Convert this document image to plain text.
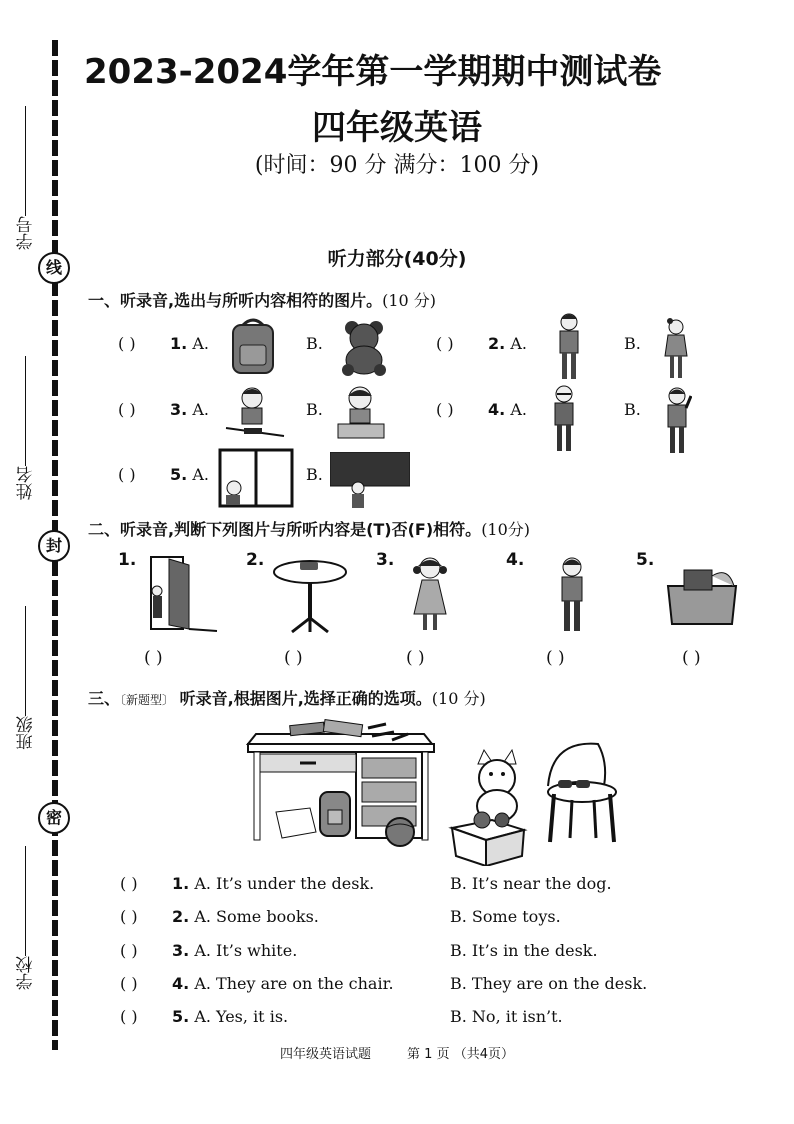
学号
线
姓名
封
班级
密
学校
2023-2024学年第一学期期中测试卷
四年级英语
(时间：90 分 满分：100 分)
听力部分(40分)
一、听录音,选出与所听内容相符的图片。(10 分)
( ) 1. A.	B.	( ) 2. A.	B.
( ) 3. A.	B.	( ) 4. A.	B.
( ) 5. A.	B.
二、听录音,判断下列图片与所听内容是(T)否(F)相符。(10分)
1.	2.	3.	4.	5.
( )	( )	( )	( )	( )
三、〔新题型〕 听录音,根据图片,选择正确的选项。(10 分)
( ) 1. A. It’s under the desk.	B. It’s near the dog.
( ) 2. A. Some books.	B. Some toys.
( ) 3. A. It’s white.	B. It’s in the desk.
( ) 4. A. They are on the chair.	B. They are on the desk.
( ) 5. A. Yes, it is.	B. No, it isn’t.
四年级英语试题	第 1 页 （共4页）
